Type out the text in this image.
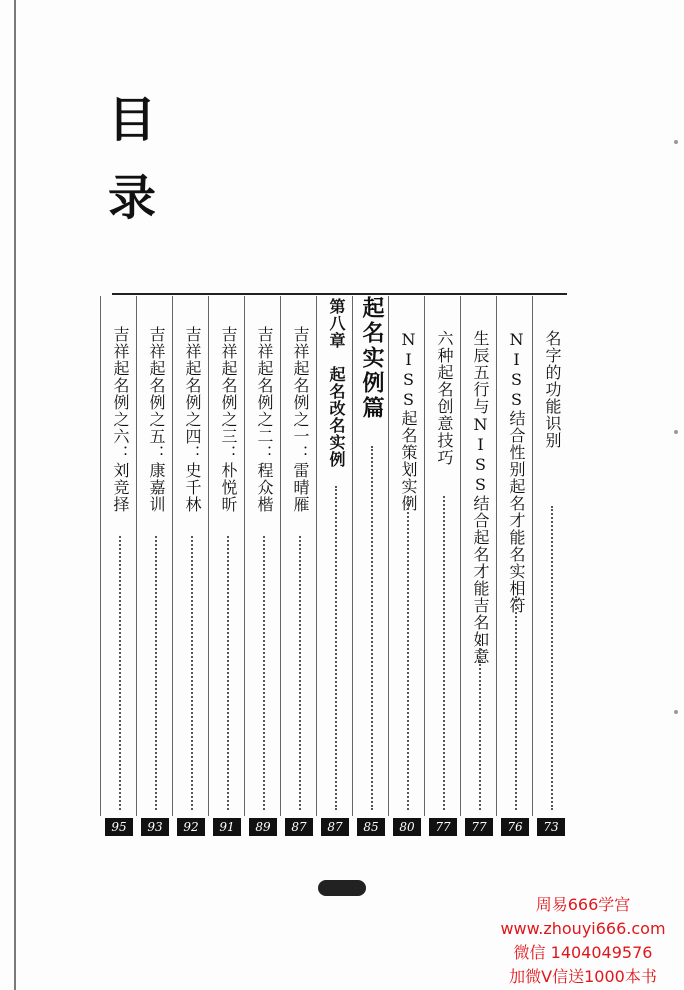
目
录
名字的功能识别
73
NISS结合性别起名才能名实相符
76
生辰五行与NISS结合起名才能吉名如意
77
六种起名创意技巧
77
NISS起名策划实例
80
起名实例篇
85
第八章　起名改名实例
87
吉祥起名例之一：雷晴雁
87
吉祥起名例之二：程众楷
89
吉祥起名例之三：朴悦昕
91
吉祥起名例之四：史千林
92
吉祥起名例之五：康嘉训
93
吉祥起名例之六：刘竞择
95
周易666学宫
www.zhouyi666.com
微信 1404049576
加微V信送1000本书
